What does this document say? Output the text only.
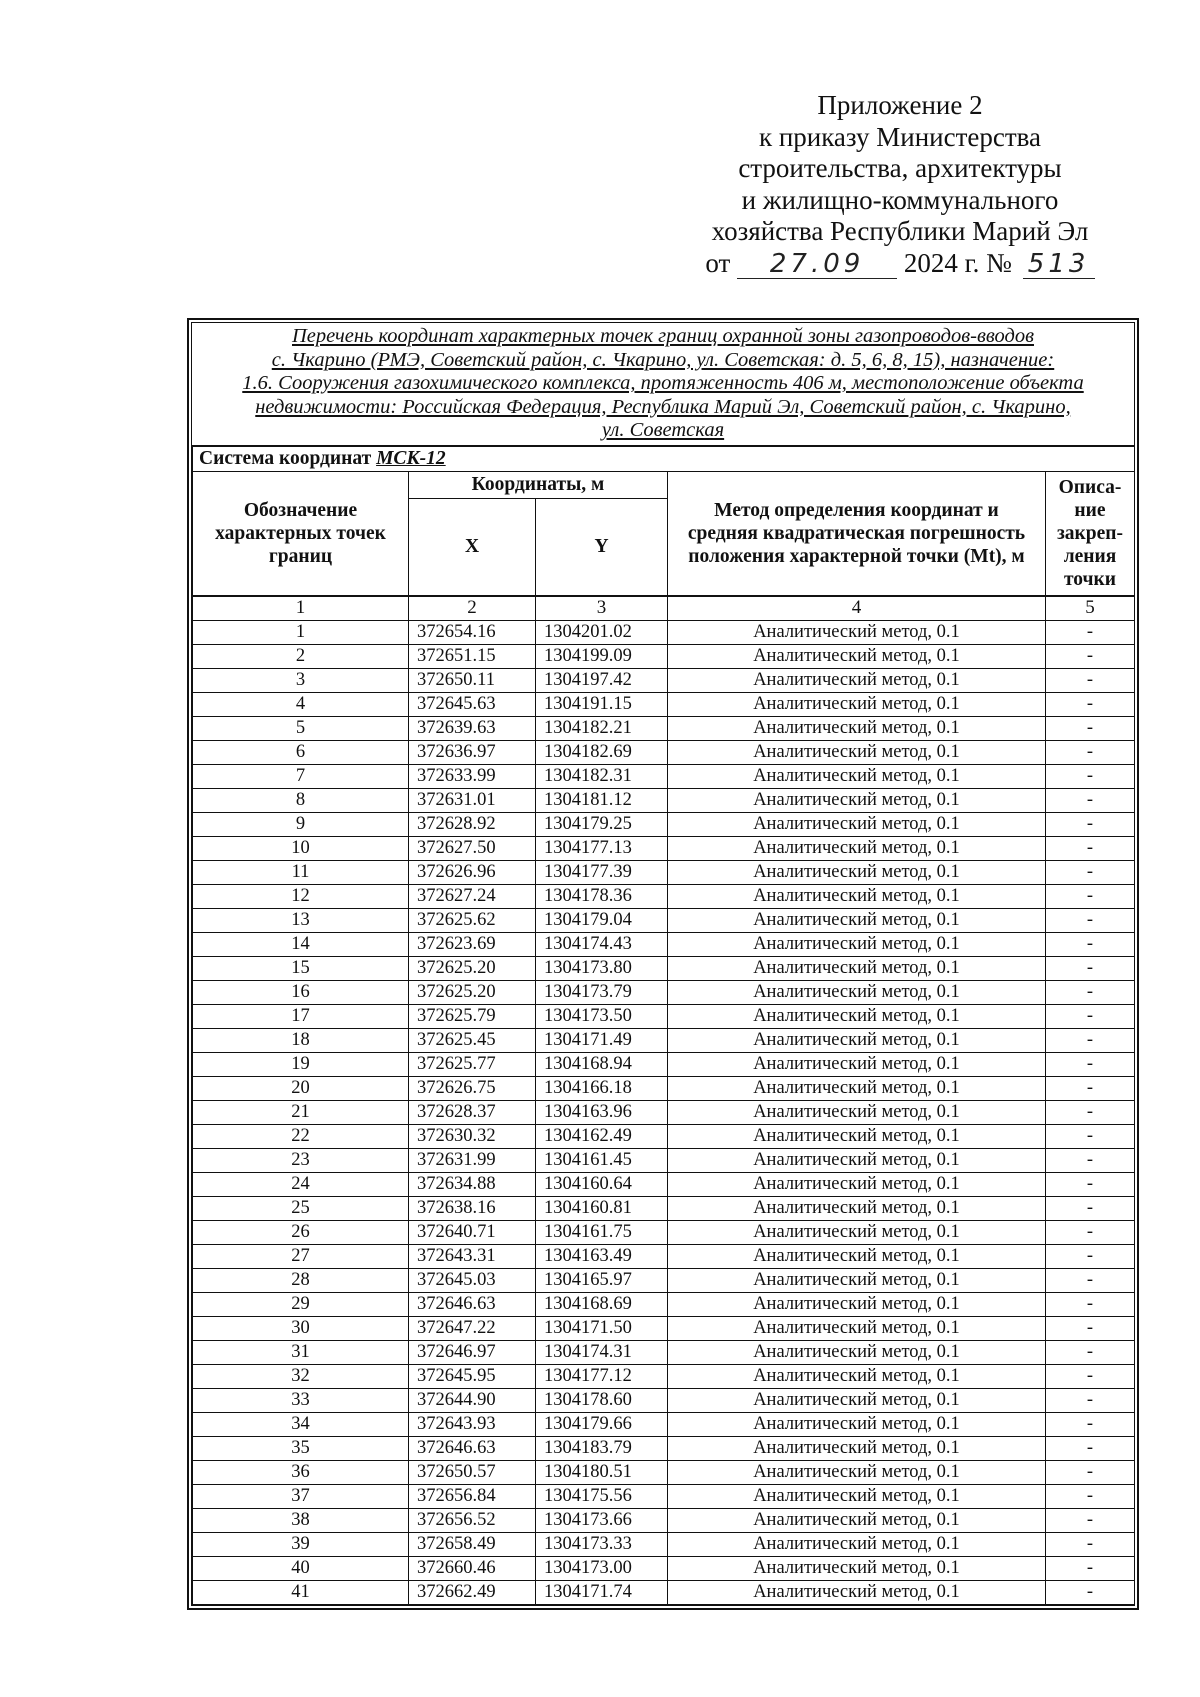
Приложение 2
к приказу Министерства
строительства, архитектуры
и жилищно-коммунального
хозяйства Республики Марий Эл
от 27.09 2024 г. № 513
Перечень координат характерных точек границ охранной зоны газопроводов-вводов
с. Чкарино (РМЭ, Советский район, с. Чкарино, ул. Советская: д. 5, 6, 8, 15), назначение:
1.6. Сооружения газохимического комплекса, протяженность 406 м, местоположение объекта
недвижимости: Российская Федерация, Республика Марий Эл, Советский район, с. Чкарино,
ул. Советская
Система координат МСК-12				
Обозначение характерных точек границ	Координаты, м		Метод определения координат и средняя квадратическая погрешность положения характерной точки (Mt), м	Описа-ние закреп-ления точки
	X	Y		
1	2	3	4	5
1	372654.16	1304201.02	Аналитический метод, 0.1	-
2	372651.15	1304199.09	Аналитический метод, 0.1	-
3	372650.11	1304197.42	Аналитический метод, 0.1	-
4	372645.63	1304191.15	Аналитический метод, 0.1	-
5	372639.63	1304182.21	Аналитический метод, 0.1	-
6	372636.97	1304182.69	Аналитический метод, 0.1	-
7	372633.99	1304182.31	Аналитический метод, 0.1	-
8	372631.01	1304181.12	Аналитический метод, 0.1	-
9	372628.92	1304179.25	Аналитический метод, 0.1	-
10	372627.50	1304177.13	Аналитический метод, 0.1	-
11	372626.96	1304177.39	Аналитический метод, 0.1	-
12	372627.24	1304178.36	Аналитический метод, 0.1	-
13	372625.62	1304179.04	Аналитический метод, 0.1	-
14	372623.69	1304174.43	Аналитический метод, 0.1	-
15	372625.20	1304173.80	Аналитический метод, 0.1	-
16	372625.20	1304173.79	Аналитический метод, 0.1	-
17	372625.79	1304173.50	Аналитический метод, 0.1	-
18	372625.45	1304171.49	Аналитический метод, 0.1	-
19	372625.77	1304168.94	Аналитический метод, 0.1	-
20	372626.75	1304166.18	Аналитический метод, 0.1	-
21	372628.37	1304163.96	Аналитический метод, 0.1	-
22	372630.32	1304162.49	Аналитический метод, 0.1	-
23	372631.99	1304161.45	Аналитический метод, 0.1	-
24	372634.88	1304160.64	Аналитический метод, 0.1	-
25	372638.16	1304160.81	Аналитический метод, 0.1	-
26	372640.71	1304161.75	Аналитический метод, 0.1	-
27	372643.31	1304163.49	Аналитический метод, 0.1	-
28	372645.03	1304165.97	Аналитический метод, 0.1	-
29	372646.63	1304168.69	Аналитический метод, 0.1	-
30	372647.22	1304171.50	Аналитический метод, 0.1	-
31	372646.97	1304174.31	Аналитический метод, 0.1	-
32	372645.95	1304177.12	Аналитический метод, 0.1	-
33	372644.90	1304178.60	Аналитический метод, 0.1	-
34	372643.93	1304179.66	Аналитический метод, 0.1	-
35	372646.63	1304183.79	Аналитический метод, 0.1	-
36	372650.57	1304180.51	Аналитический метод, 0.1	-
37	372656.84	1304175.56	Аналитический метод, 0.1	-
38	372656.52	1304173.66	Аналитический метод, 0.1	-
39	372658.49	1304173.33	Аналитический метод, 0.1	-
40	372660.46	1304173.00	Аналитический метод, 0.1	-
41	372662.49	1304171.74	Аналитический метод, 0.1	-
